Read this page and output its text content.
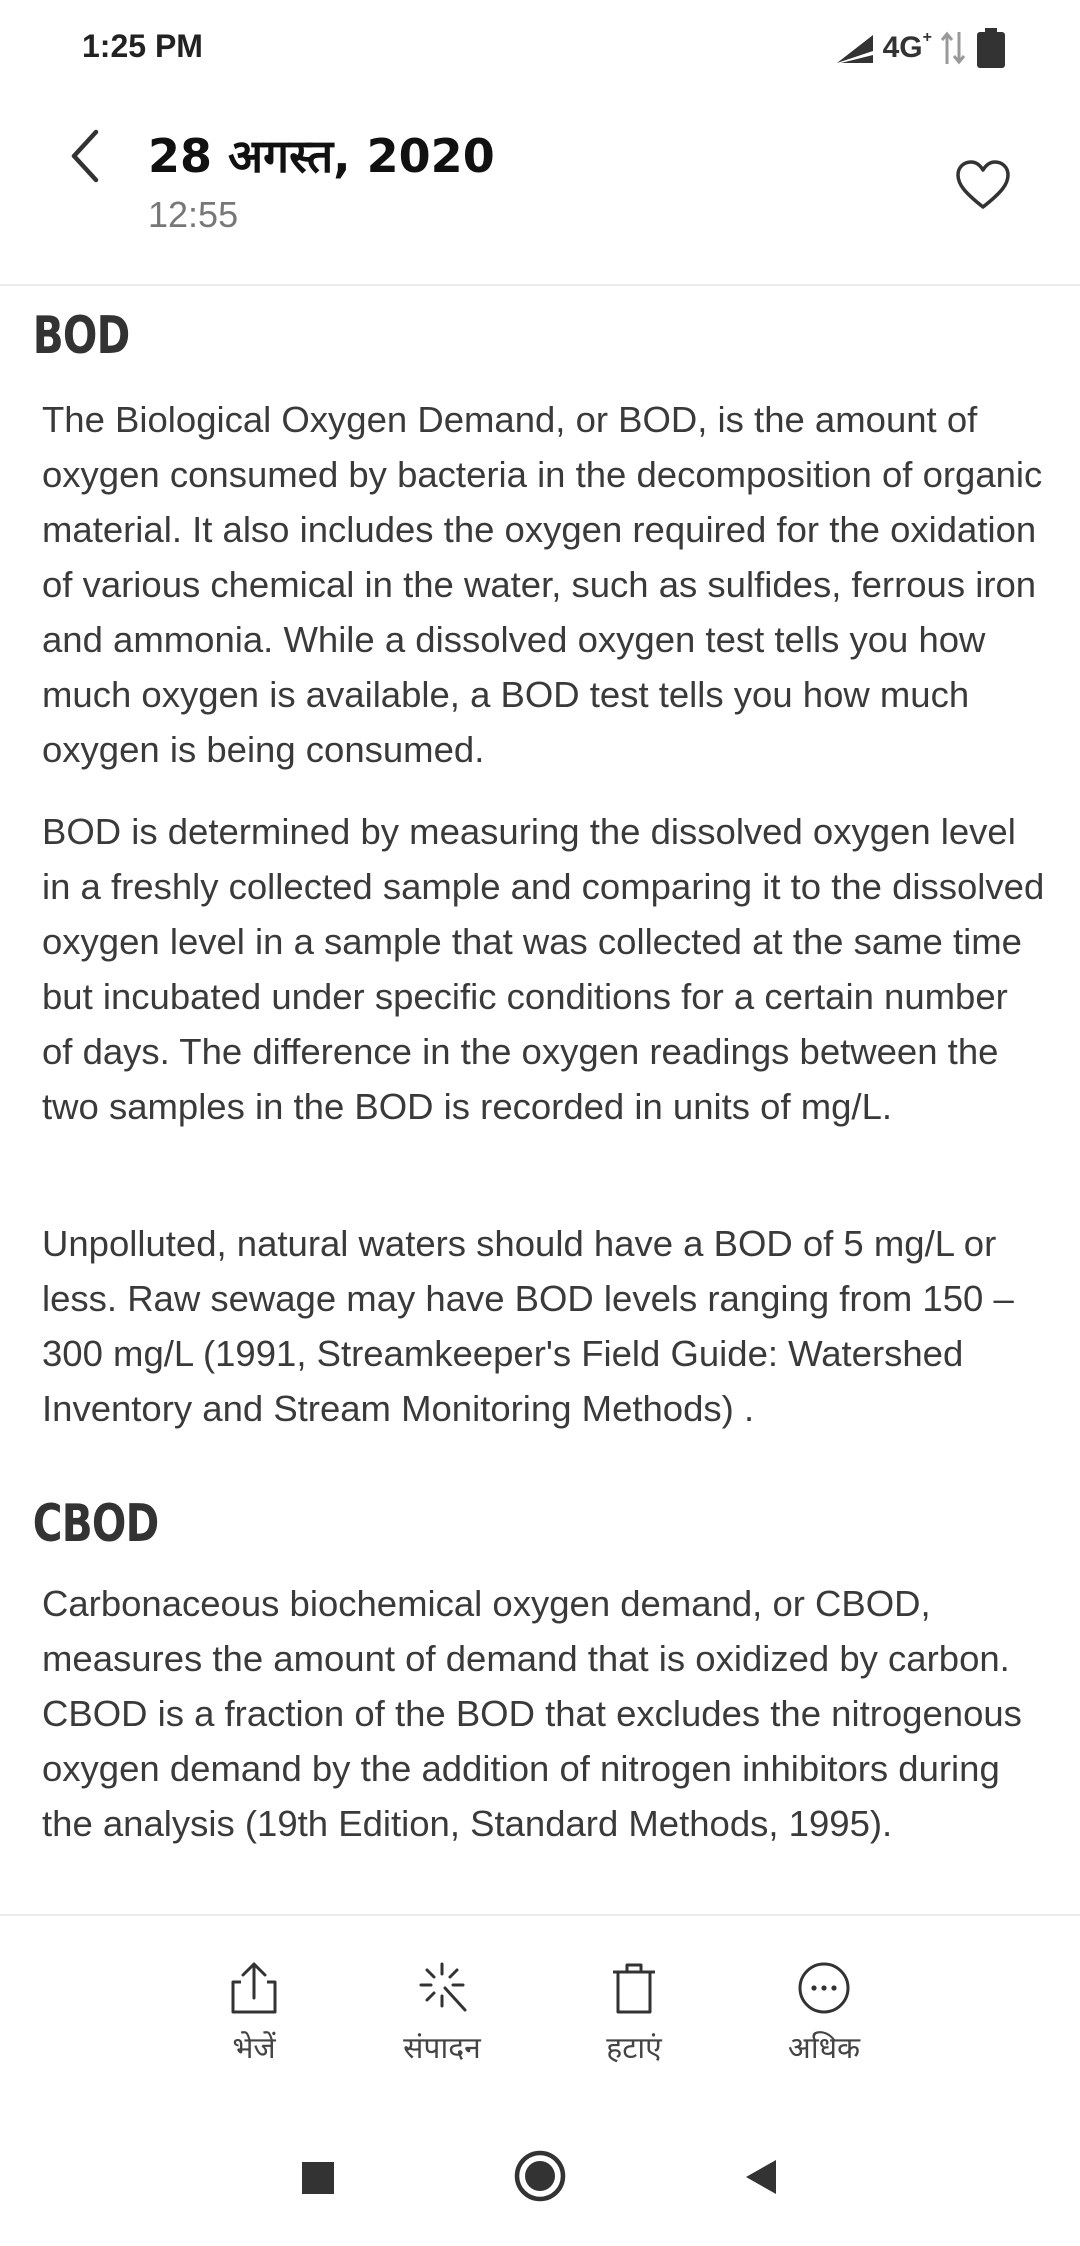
1:25 PM	4G+
28 अगस्त, 2020
12:55
BOD

The Biological Oxygen Demand, or BOD, is the amount of oxygen consumed by bacteria in the decomposition of organic material. It also includes the oxygen required for the oxidation of various chemical in the water, such as sulfides, ferrous iron and ammonia. While a dissolved oxygen test tells you how much oxygen is available, a BOD test tells you how much oxygen is being consumed.

BOD is determined by measuring the dissolved oxygen level in a freshly collected sample and comparing it to the dissolved oxygen level in a sample that was collected at the same time but incubated under specific conditions for a certain number of days. The difference in the oxygen readings between the two samples in the BOD is recorded in units of mg/L.

Unpolluted, natural waters should have a BOD of 5 mg/L or less. Raw sewage may have BOD levels ranging from 150 – 300 mg/L (1991, Streamkeeper's Field Guide: Watershed Inventory and Stream Monitoring Methods) .

CBOD

Carbonaceous biochemical oxygen demand, or CBOD, measures the amount of demand that is oxidized by carbon. CBOD is a fraction of the BOD that excludes the nitrogenous oxygen demand by the addition of nitrogen inhibitors during the analysis (19th Edition, Standard Methods, 1995).

भेजें	संपादन	हटाएं	अधिक
